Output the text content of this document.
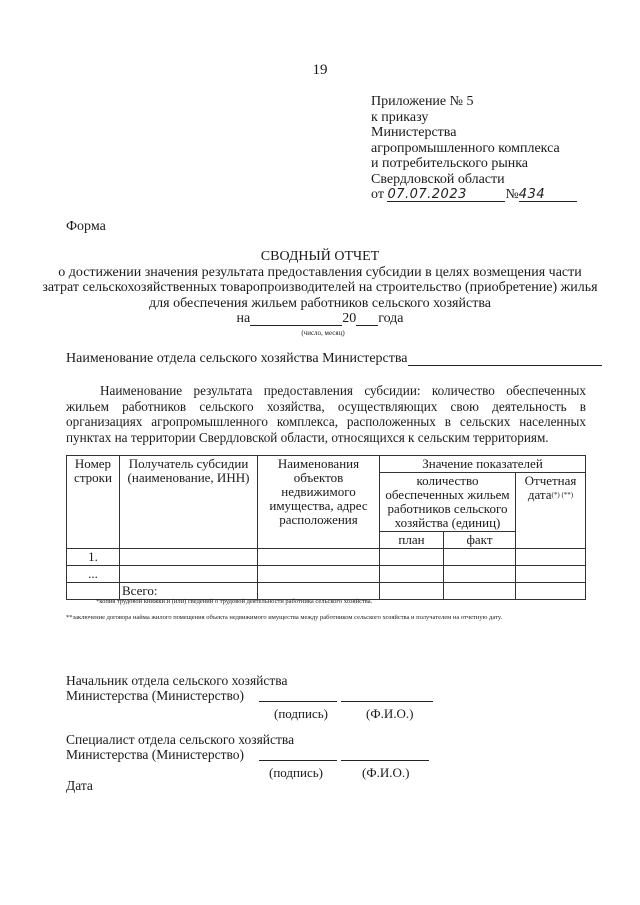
19
Приложение № 5
к приказу
Министерства
агропромышленного комплекса
и потребительского рынка
Свердловской области
от 07.07.2023	№434
Форма
СВОДНЫЙ ОТЧЕТ
о достижении значения результата предоставления субсидии в целях возмещения части
затрат сельскохозяйственных товаропроизводителей на строительство (приобретение) жилья
для обеспечения жильем работников сельского хозяйства
на	20 года
(число, месяц)
Наименование отдела сельского хозяйства Министерства
Наименование результата предоставления субсидии: количество обеспеченных жильем работников сельского хозяйства, осуществляющих свою деятельность в организациях агропромышленного комплекса, расположенных в сельских населенных пунктах на территории Свердловской области, относящихся к сельским территориям.
Номер строки	Получатель субсидии (наименование, ИНН)	Наименования объектов недвижимого имущества, адрес расположения	Значение показателей		
			количество обеспеченных жильем работников сельского хозяйства (единиц)		Отчетная дата(*) (**)
			план	факт	
1.					
...					
	Всего:				
*копия трудовой книжки и (или) сведений о трудовой деятельности работника сельского хозяйства.
**заключение договора найма жилого помещения объекта недвижимого имущества между работником сельского хозяйства и получателем на отчетную дату.
Начальник отдела сельского хозяйства
Министерства (Министерство)
(подпись)	(Ф.И.О.)
Специалист отдела сельского хозяйства
Министерства (Министерство)
(подпись)	(Ф.И.О.)
Дата
